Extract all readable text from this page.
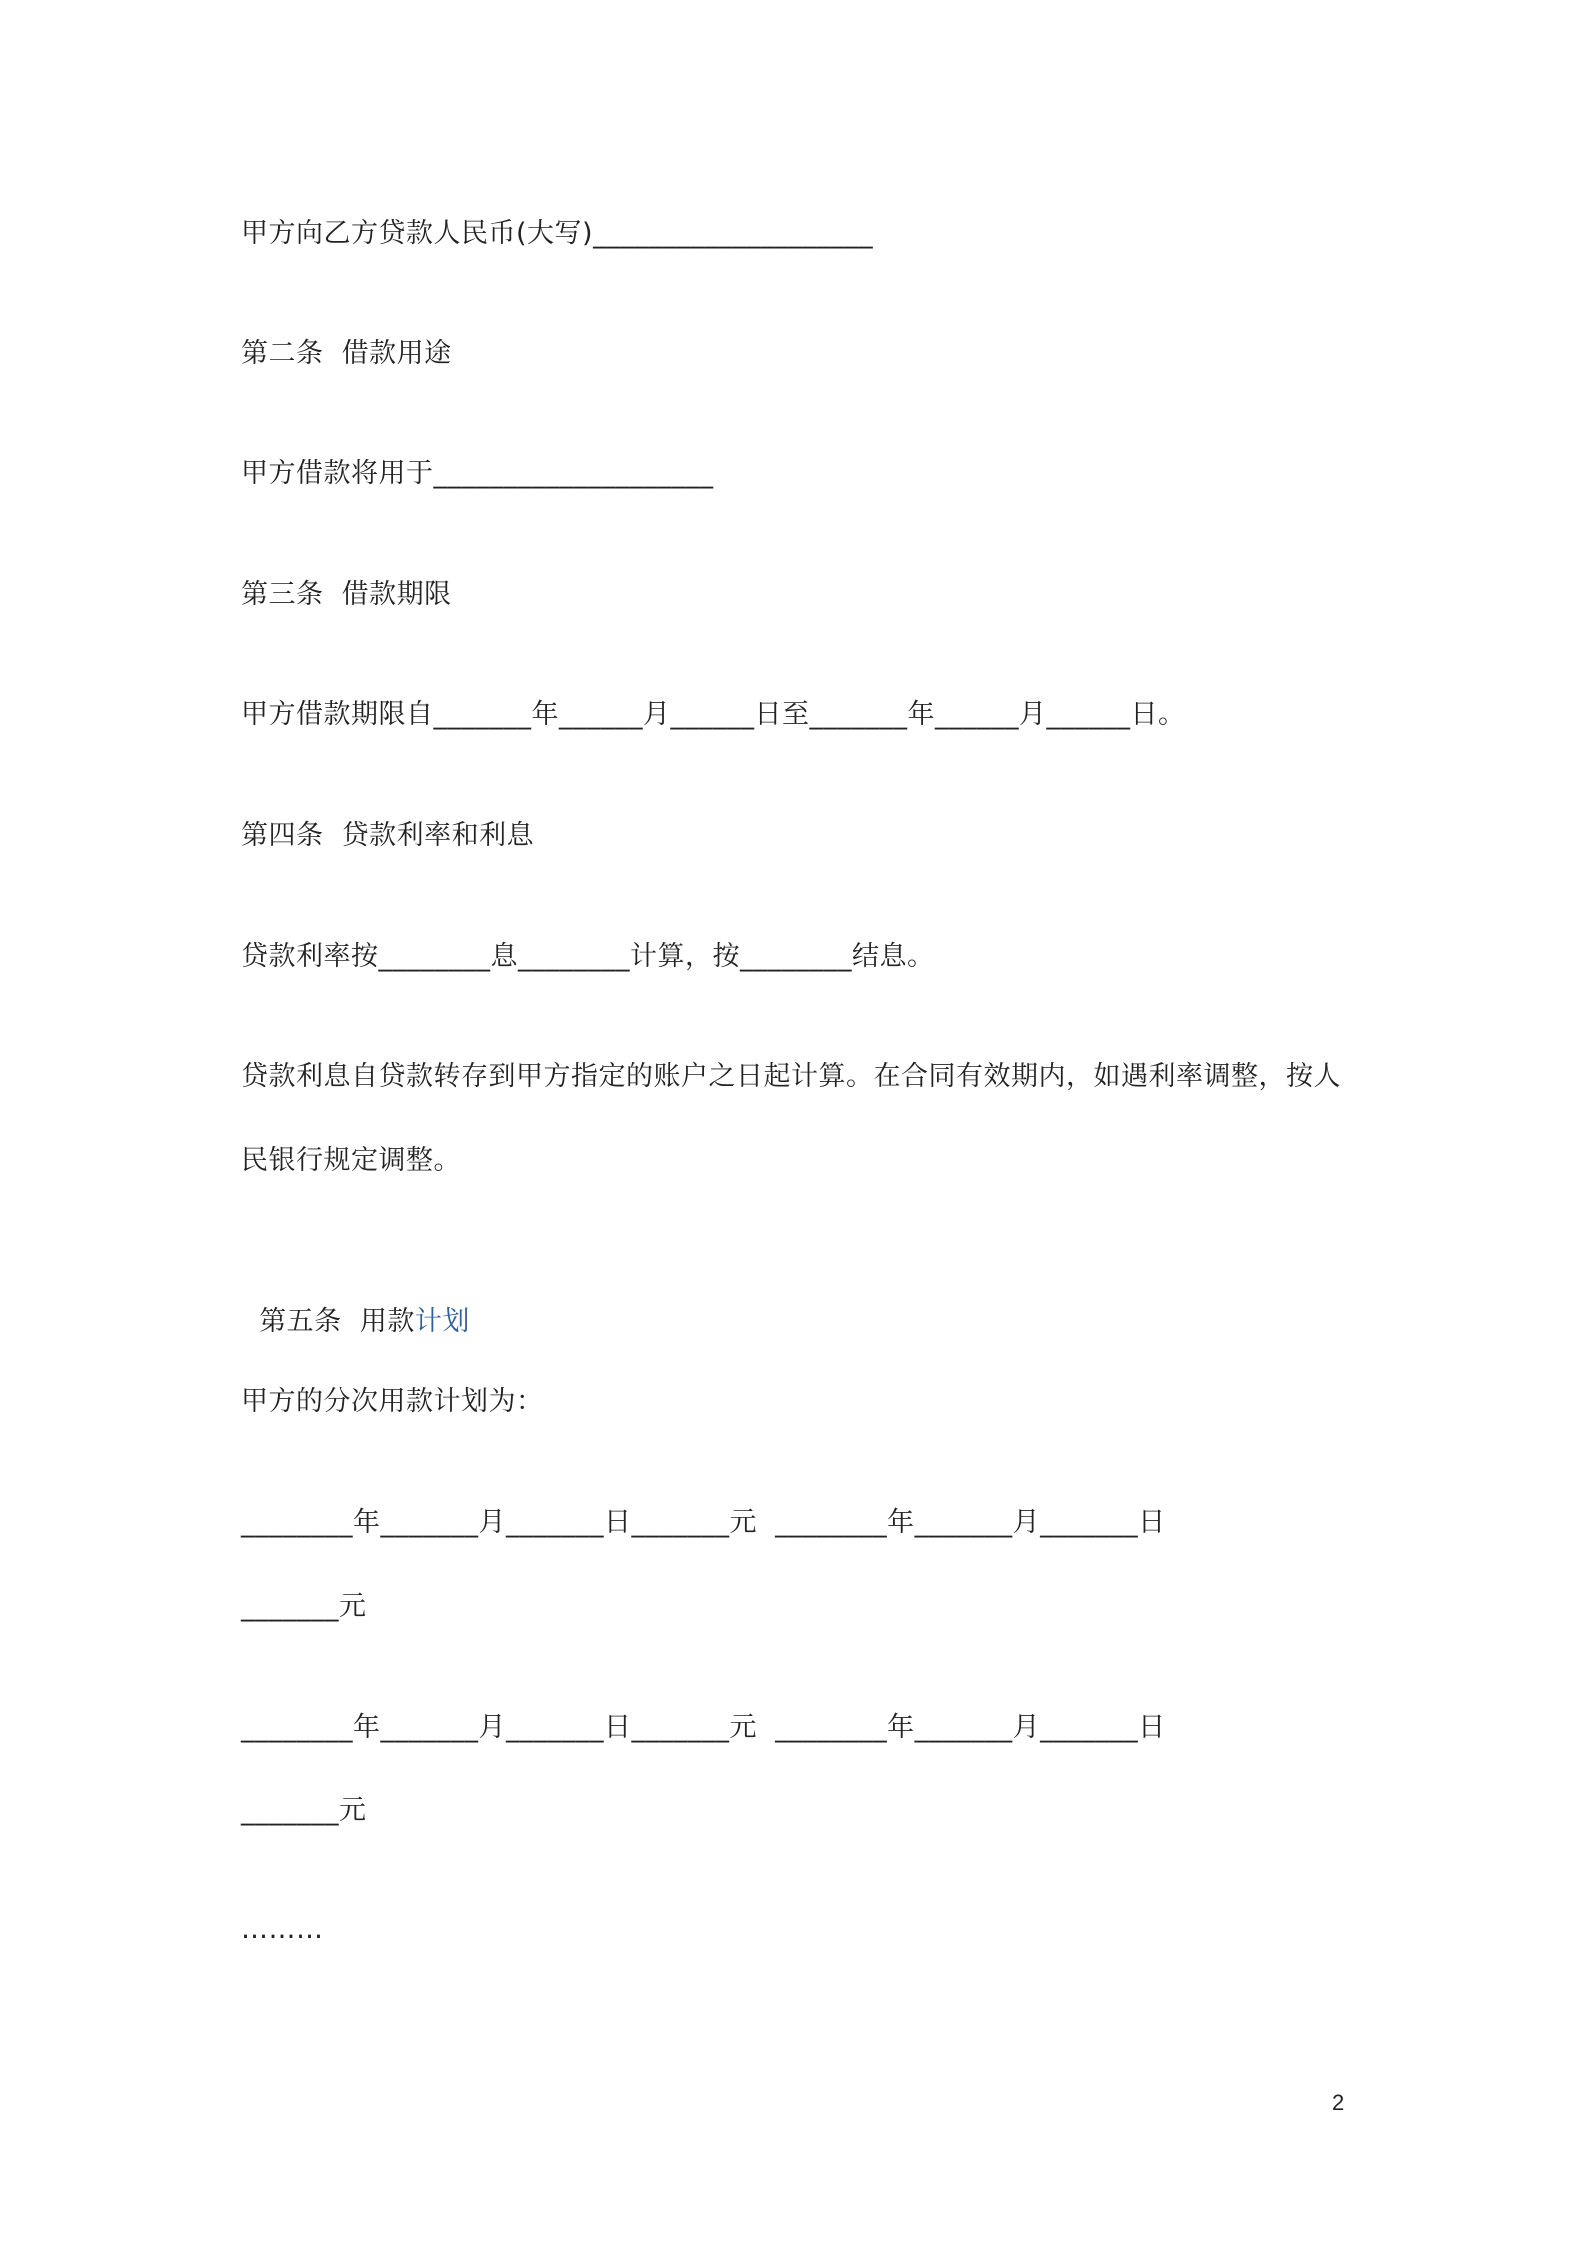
甲方向乙方贷款人民币(大写)____________________
第二条  借款用途
甲方借款将用于____________________
第三条  借款期限
甲方借款期限自_______年______月______日至_______年______月______日。
第四条  贷款利率和利息
贷款利率按________息________计算，按________结息。
贷款利息自贷款转存到甲方指定的账户之日起计算。在合同有效期内，如遇利率调整，按人
民银行规定调整。

第五条  用款计划

甲方的分次用款计划为：
________年_______月_______日_______元  ________年_______月_______日
_______元
________年_______月_______日_______元  ________年_______月_______日
_______元
………
2
